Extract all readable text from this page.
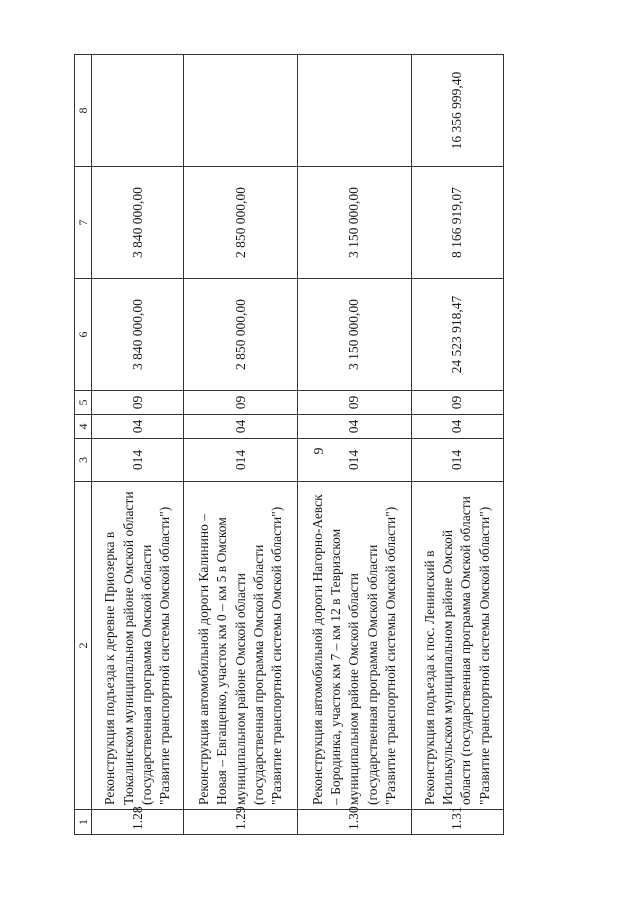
9
1	2	3	4	5	6	7	8
1.28	Реконструкция подъезда к деревне Приозерка в Тюкалинском муниципальном районе Омской области (государственная программа Омской области "Развитие транспортной системы Омской области")	014	04	09	3 840 000,00	3 840 000,00	
1.29	Реконструкция автомобильной дороги Калинино – Новая – Евгащенко, участок км 0 – км 5 в Омском муниципальном районе Омской области (государственная программа Омской области "Развитие транспортной системы Омской области")	014	04	09	2 850 000,00	2 850 000,00	
1.30	Реконструкция автомобильной дороги Нагорно-Аевск – Бородинка, участок км 7 – км 12 в Тевризском муниципальном районе Омской области (государственная программа Омской области "Развитие транспортной системы Омской области")	014	04	09	3 150 000,00	3 150 000,00	
1.31	Реконструкция подъезда к пос. Ленинский в Исилькульском муниципальном районе Омской области (государственная программа Омской области "Развитие транспортной системы Омской области")	014	04	09	24 523 918,47	8 166 919,07	16 356 999,40
